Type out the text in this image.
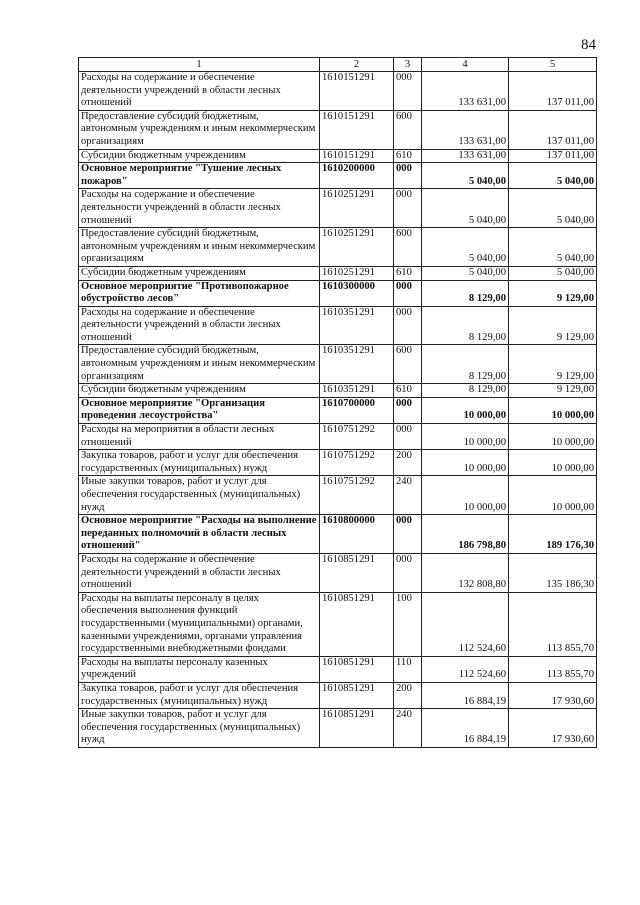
84
1	2	3	4	5
Расходы на содержание и обеспечение деятельности учреждений в области лесных отношений	1610151291	000	133 631,00	137 011,00
Предоставление субсидий бюджетным, автономным учреждениям и иным некоммерческим организациям	1610151291	600	133 631,00	137 011,00
Субсидии бюджетным учреждениям	1610151291	610	133 631,00	137 011,00
Основное мероприятие "Тушение лесных пожаров"	1610200000	000	5 040,00	5 040,00
Расходы на содержание и обеспечение деятельности учреждений в области лесных отношений	1610251291	000	5 040,00	5 040,00
Предоставление субсидий бюджетным, автономным учреждениям и иным некоммерческим организациям	1610251291	600	5 040,00	5 040,00
Субсидии бюджетным учреждениям	1610251291	610	5 040,00	5 040,00
Основное мероприятие "Противопожарное обустройство лесов"	1610300000	000	8 129,00	9 129,00
Расходы на содержание и обеспечение деятельности учреждений в области лесных отношений	1610351291	000	8 129,00	9 129,00
Предоставление субсидий бюджетным, автономным учреждениям и иным некоммерческим организациям	1610351291	600	8 129,00	9 129,00
Субсидии бюджетным учреждениям	1610351291	610	8 129,00	9 129,00
Основное мероприятие "Организация проведения лесоустройства"	1610700000	000	10 000,00	10 000,00
Расходы на мероприятия в области лесных отношений	1610751292	000	10 000,00	10 000,00
Закупка товаров, работ и услуг для обеспечения государственных (муниципальных) нужд	1610751292	200	10 000,00	10 000,00
Иные закупки товаров, работ и услуг для обеспечения государственных (муниципальных) нужд	1610751292	240	10 000,00	10 000,00
Основное мероприятие "Расходы на выполнение переданных полномочий в области лесных отношений"	1610800000	000	186 798,80	189 176,30
Расходы на содержание и обеспечение деятельности учреждений в области лесных отношений	1610851291	000	132 808,80	135 186,30
Расходы на выплаты персоналу в целях обеспечения выполнения функций государственными (муниципальными) органами, казенными учреждениями, органами управления государственными внебюджетными фондами	1610851291	100	112 524,60	113 855,70
Расходы на выплаты персоналу казенных учреждений	1610851291	110	112 524,60	113 855,70
Закупка товаров, работ и услуг для обеспечения государственных (муниципальных) нужд	1610851291	200	16 884,19	17 930,60
Иные закупки товаров, работ и услуг для обеспечения государственных (муниципальных) нужд	1610851291	240	16 884,19	17 930,60
